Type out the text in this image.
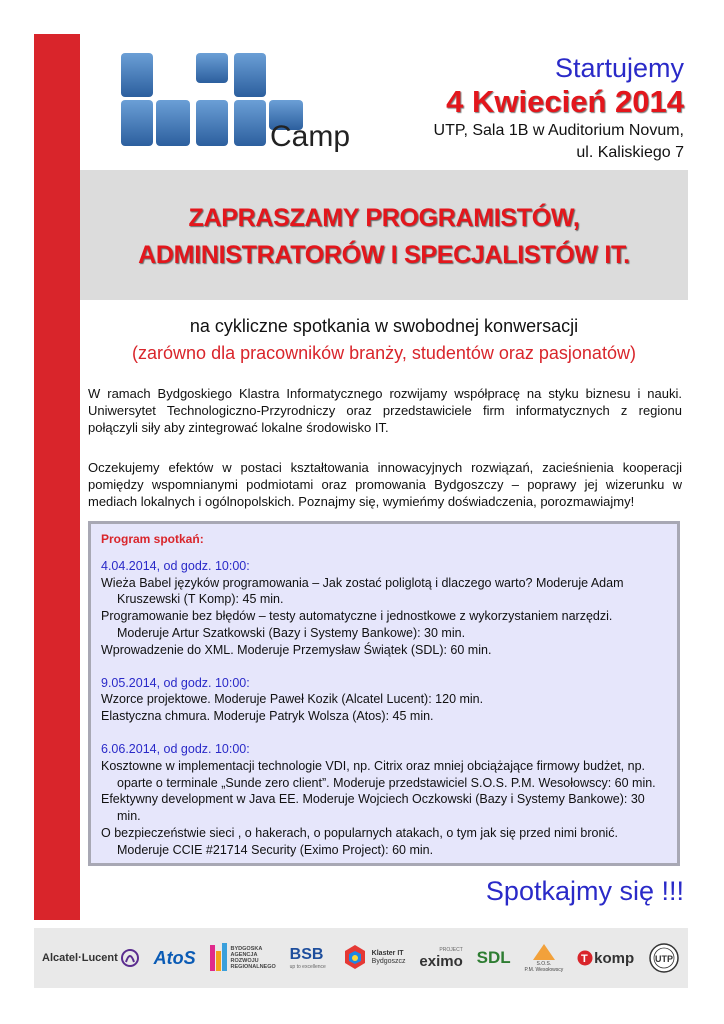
Camp
Startujemy
4 Kwiecień 2014
UTP, Sala 1B w Auditorium Novum,
ul. Kaliskiego 7
ZAPRASZAMY PROGRAMISTÓW,
ADMINISTRATORÓW I SPECJALISTÓW IT.
na cykliczne spotkania w swobodnej konwersacji
(zarówno dla pracowników branży, studentów oraz pasjonatów)
W ramach Bydgoskiego Klastra Informatycznego rozwijamy współpracę na styku biznesu i nauki. Uniwersytet Technologiczno-Przyrodniczy oraz przedstawiciele firm informatycznych z regionu połączyli siły aby zintegrować lokalne środowisko IT.
Oczekujemy efektów w postaci kształtowania innowacyjnych rozwiązań, zacieśnienia kooperacji pomiędzy wspomnianymi podmiotami oraz promowania Bydgoszczy – poprawy jej wizerunku w mediach lokalnych i ogólnopolskich. Poznajmy się, wymieńmy doświadczenia, porozmawiajmy!
Program spotkań:
4.04.2014, od godz. 10:00:
Wieża Babel języków programowania – Jak zostać poliglotą i dlaczego warto? Moderuje Adam Kruszewski (T Komp): 45 min.
Programowanie bez błędów – testy automatyczne i jednostkowe z wykorzystaniem narzędzi. Moderuje Artur Szatkowski (Bazy i Systemy Bankowe): 30 min.
Wprowadzenie do XML. Moderuje Przemysław Świątek (SDL): 60 min.
9.05.2014, od godz. 10:00:
Wzorce projektowe. Moderuje Paweł Kozik (Alcatel Lucent): 120 min.
Elastyczna chmura. Moderuje Patryk Wolsza (Atos): 45 min.
6.06.2014, od godz. 10:00:
Kosztowne w implementacji technologie VDI, np. Citrix oraz mniej obciążające firmowy budżet, np. oparte o terminale „Sunde zero client”. Moderuje przedstawiciel S.O.S. P.M. Wesołowscy: 60 min.
Efektywny development w Java EE. Moderuje Wojciech Oczkowski (Bazy i Systemy Bankowe): 30 min.
O bezpieczeństwie sieci , o hakerach, o popularnych atakach, o tym jak się przed nimi bronić. Moderuje CCIE #21714 Security (Eximo Project): 60 min.
Spotkajmy się !!!
Alcatel·Lucent AtoS	BYDGOSKA
AGENCJA
ROZWOJU
REGIONALNEGO
BSB
up to excellence
Klaster IT
Bydgoszcz
PROJECT
eximo SDL	S.O.S.
P.M. Wesołowscy
T komp UTP
